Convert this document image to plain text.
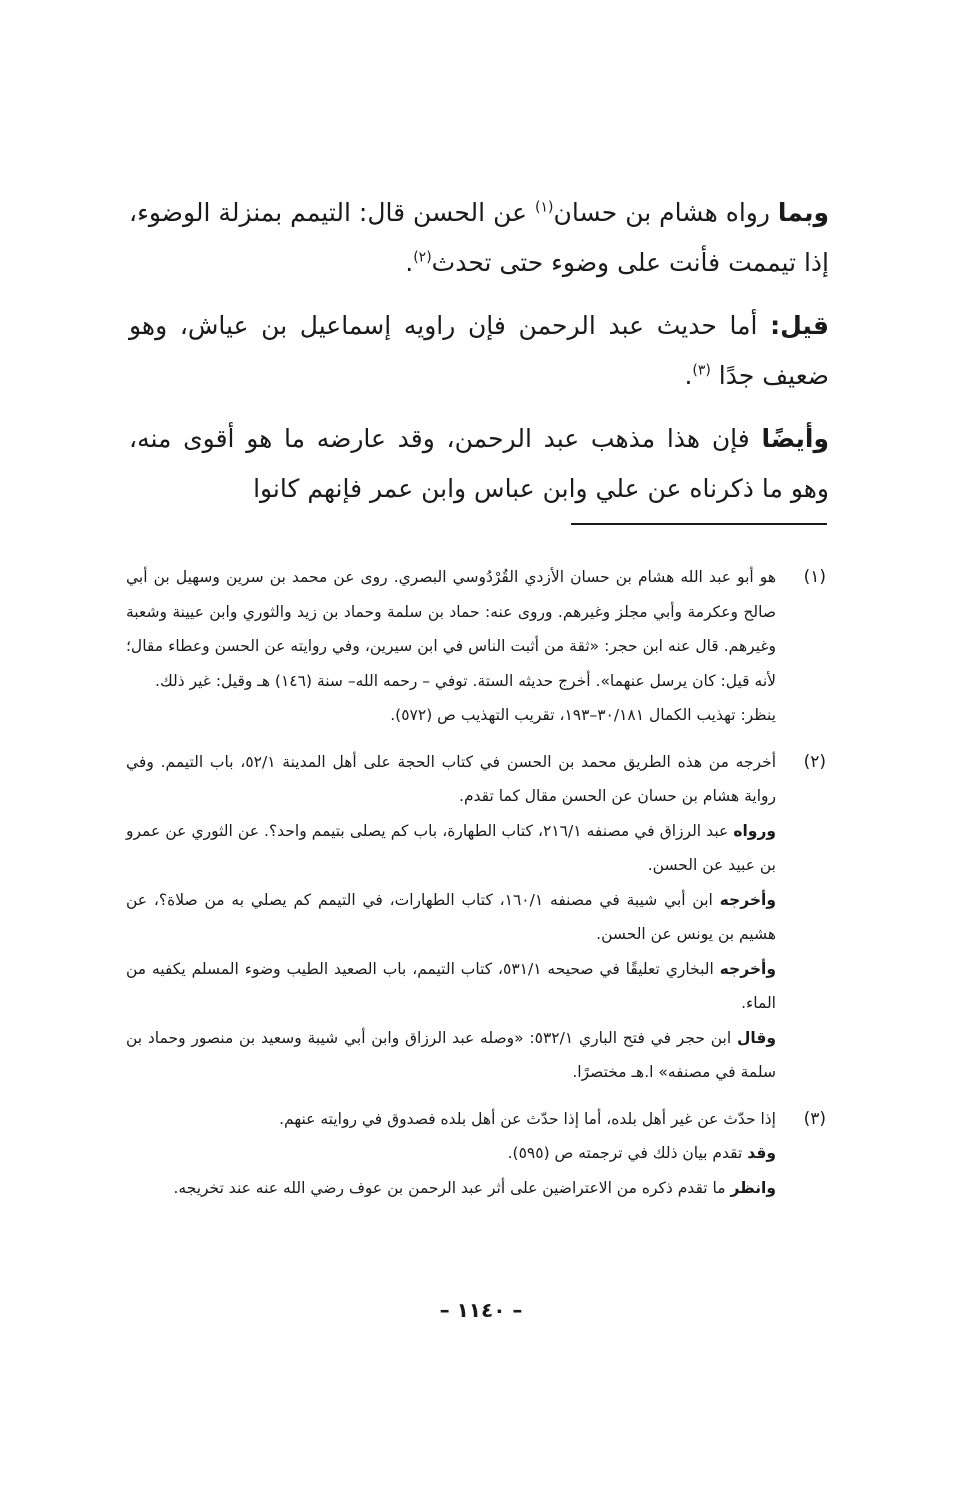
وبما رواه هشام بن حسان$^{(١)}$ عن الحسن قال: التيمم بمنزلة الوضوء، إذا تيممت فأنت على وضوء حتى تحدث$^{(٢)}$.

قيل: أما حديث عبد الرحمن فإن راويه إسماعيل بن عياش، وهو ضعيف جدًا $^{(٣)}$.

وأيضًا فإن هذا مذهب عبد الرحمن، وقد عارضه ما هو أقوى منه، وهو ما ذكرناه عن علي وابن عباس وابن عمر فإنهم كانوا

(١)
هو أبو عبد الله هشام بن حسان الأزدي القُرْدُوسي البصري. روى عن محمد بن سرين وسهيل بن أبي صالح وعكرمة وأبي مجلز وغيرهم. وروى عنه: حماد بن سلمة وحماد بن زيد والثوري وابن عيينة وشعبة وغيرهم. قال عنه ابن حجر: «ثقة من أثبت الناس في ابن سيرين، وفي روايته عن الحسن وعطاء مقال؛ لأنه قيل: كان يرسل عنهما». أخرج حديثه الستة. توفي – رحمه الله– سنة (١٤٦) هـ وقيل: غير ذلك.
ينظر: تهذيب الكمال ٣٠/١٨١–١٩٣، تقريب التهذيب ص (٥٧٢).
(٢)
أخرجه من هذه الطريق محمد بن الحسن في كتاب الحجة على أهل المدينة ٥٢/١، باب التيمم. وفي رواية هشام بن حسان عن الحسن مقال كما تقدم.
ورواه عبد الرزاق في مصنفه ٢١٦/١، كتاب الطهارة، باب كم يصلى بتيمم واحد؟. عن الثوري عن عمرو بن عبيد عن الحسن.
وأخرجه ابن أبي شيبة في مصنفه ١٦٠/١، كتاب الطهارات، في التيمم كم يصلي به من صلاة؟، عن هشيم بن يونس عن الحسن.
وأخرجه البخاري تعليقًا في صحيحه ٥٣١/١، كتاب التيمم، باب الصعيد الطيب وضوء المسلم يكفيه من الماء.
وقال ابن حجر في فتح الباري ٥٣٢/١: «وصله عبد الرزاق وابن أبي شيبة وسعيد بن منصور وحماد بن سلمة في مصنفه» ا.هـ مختصرًا.
(٣)
إذا حدّث عن غير أهل بلده، أما إذا حدّث عن أهل بلده فصدوق في روايته عنهم.
وقد تقدم بيان ذلك في ترجمته ص (٥٩٥).
وانظر ما تقدم ذكره من الاعتراضين على أثر عبد الرحمن بن عوف رضي الله عنه عند تخريجه.
– ١١٤٠ –
